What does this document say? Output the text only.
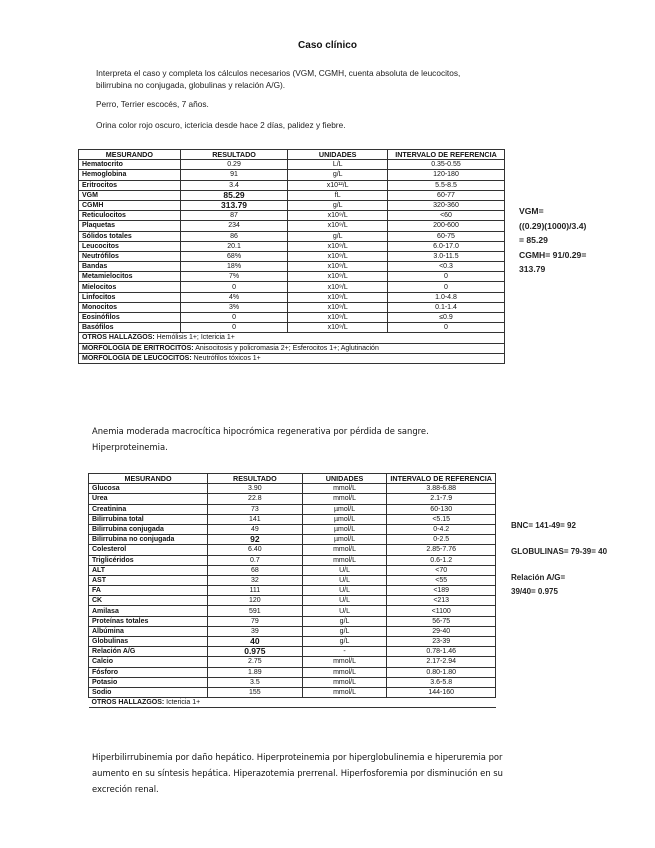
Caso clínico
Interpreta el caso y completa los cálculos necesarios (VGM, CGMH, cuenta absoluta de leucocitos,
bilirrubina no conjugada, globulinas y relación A/G).
Perro, Terrier escocés, 7 años.
Orina color rojo oscuro, ictericia desde hace 2 días, palidez y fiebre.
MESURANDO	RESULTADO	UNIDADES	INTERVALO DE REFERENCIA
Hematocrito	0.29	L/L	0.35-0.55
Hemoglobina	91	g/L	120-180
Eritrocitos	3.4	x10¹²/L	5.5-8.5
VGM	85.29	fL	60-77
CGMH	313.79	g/L	320-360
Reticulocitos	87	x10⁹/L	<60
Plaquetas	234	x10⁹/L	200-600
Sólidos totales	86	g/L	60-75
Leucocitos	20.1	x10⁹/L	6.0-17.0
Neutrófilos	68%	x10⁹/L	3.0-11.5
Bandas	18%	x10⁹/L	<0.3
Metamielocitos	7%	x10⁹/L	0
Mielocitos	0	x10⁹/L	0
Linfocitos	4%	x10⁹/L	1.0-4.8
Monocitos	3%	x10⁹/L	0.1-1.4
Eosinófilos	0	x10⁹/L	≤0.9
Basófilos	0	x10⁹/L	0
OTROS HALLAZGOS: Hemólisis 1+; Ictericia 1+			
MORFOLOGÍA DE ERITROCITOS: Anisocitosis y policromasia 2+; Esferocitos 1+; Aglutinación			
MORFOLOGÍA DE LEUCOCITOS: Neutrófilos tóxicos 1+			
VGM=
((0.29)(1000)/3.4)
= 85.29
CGMH= 91/0.29=
313.79
Anemia moderada macrocítica hipocrómica regenerativa por pérdida de sangre.
Hiperproteinemia.
MESURANDO	RESULTADO	UNIDADES	INTERVALO DE REFERENCIA
Glucosa	3.90	mmol/L	3.88-6.88
Urea	22.8	mmol/L	2.1-7.9
Creatinina	73	µmol/L	60-130
Bilirrubina total	141	µmol/L	<5.15
Bilirrubina conjugada	49	µmol/L	0-4.2
Bilirrubina no conjugada	92	µmol/L	0-2.5
Colesterol	6.40	mmol/L	2.85-7.76
Triglicéridos	0.7	mmol/L	0.6-1.2
ALT	68	U/L	<70
AST	32	U/L	<55
FA	111	U/L	<189
CK	120	U/L	<213
Amilasa	591	U/L	<1100
Proteínas totales	79	g/L	56-75
Albúmina	39	g/L	29-40
Globulinas	40	g/L	23-39
Relación A/G	0.975	-	0.78-1.46
Calcio	2.75	mmol/L	2.17-2.94
Fósforo	1.89	mmol/L	0.80-1.80
Potasio	3.5	mmol/L	3.6-5.8
Sodio	155	mmol/L	144-160
OTROS HALLAZGOS: Ictericia 1+			
BNC= 141-49= 92
GLOBULINAS= 79-39= 40
Relación A/G=
39/40= 0.975
Hiperbilirrubinemia por daño hepático. Hiperproteinemia por hiperglobulinemia e hiperuremia por
aumento en su síntesis hepática. Hiperazotemia prerrenal. Hiperfosforemia por disminución en su
excreción renal.
